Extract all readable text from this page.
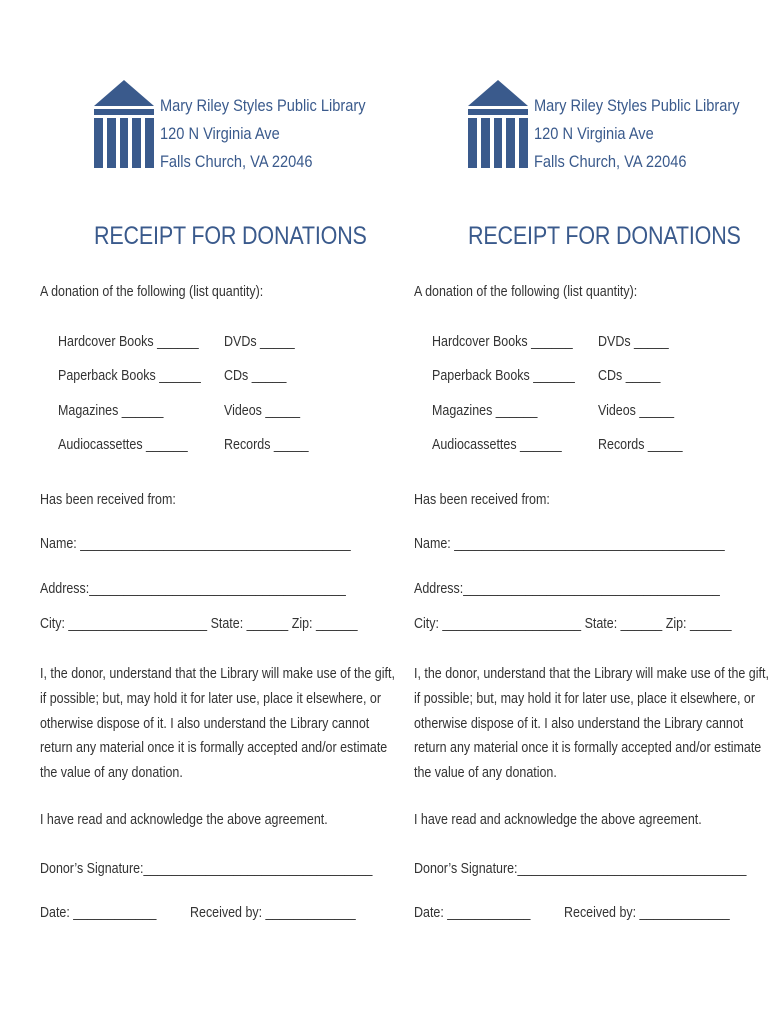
Mary Riley Styles Public Library
120 N Virginia Ave
Falls Church, VA 22046
RECEIPT FOR DONATIONS
A donation of the following (list quantity):
Hardcover Books ______ DVDs _____
Paperback Books ______ CDs _____
Magazines ______	Videos _____
Audiocassettes ______	Records _____
Has been received from:
Name: _______________________________________
Address:_____________________________________
City: ____________________ State: ______ Zip: ______
I, the donor, understand that the Library will make use of the gift,
if possible; but, may hold it for later use, place it elsewhere, or
otherwise dispose of it. I also understand the Library cannot
return any material once it is formally accepted and/or estimate
the value of any donation.
I have read and acknowledge the above agreement.
Donor’s Signature:_________________________________
Date: ____________ Received by: _____________
Mary Riley Styles Public Library
120 N Virginia Ave
Falls Church, VA 22046
RECEIPT FOR DONATIONS
A donation of the following (list quantity):
Hardcover Books ______ DVDs _____
Paperback Books ______ CDs _____
Magazines ______	Videos _____
Audiocassettes ______	Records _____
Has been received from:
Name: _______________________________________
Address:_____________________________________
City: ____________________ State: ______ Zip: ______
I, the donor, understand that the Library will make use of the gift,
if possible; but, may hold it for later use, place it elsewhere, or
otherwise dispose of it. I also understand the Library cannot
return any material once it is formally accepted and/or estimate
the value of any donation.
I have read and acknowledge the above agreement.
Donor’s Signature:_________________________________
Date: ____________ Received by: _____________
